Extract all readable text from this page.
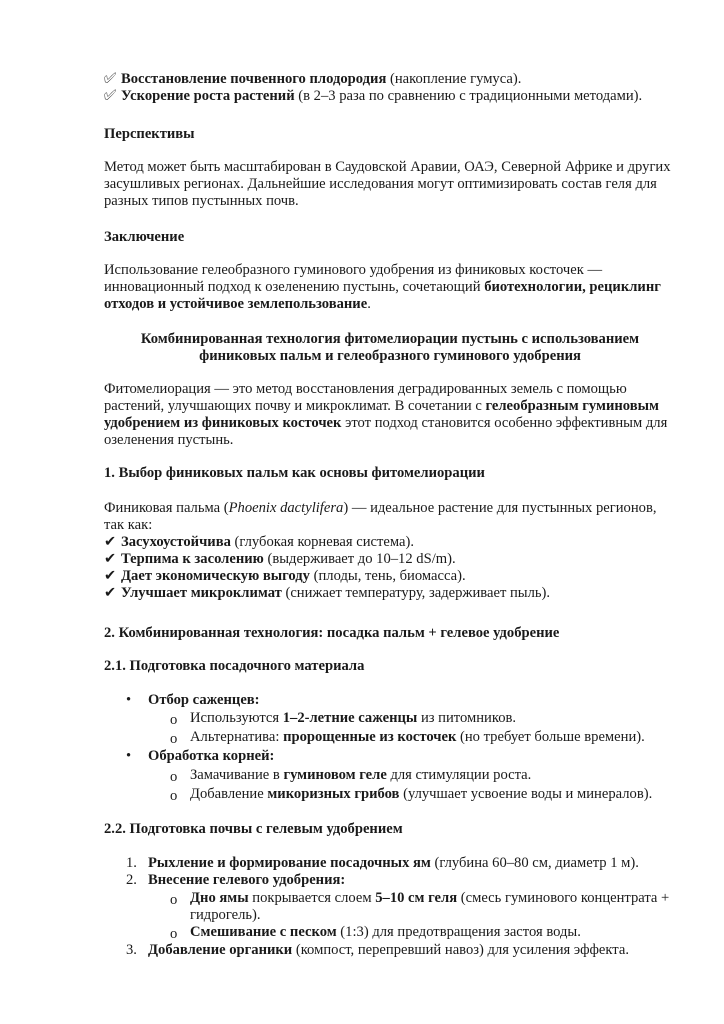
✅︎ Восстановление почвенного плодородия (накопление гумуса).
✅︎ Ускорение роста растений (в 2–3 раза по сравнению с традиционными методами).

Перспективы

Метод может быть масштабирован в Саудовской Аравии, ОАЭ, Северной Африке и других засушливых регионах. Дальнейшие исследования могут оптимизировать состав геля для разных типов пустынных почв.

Заключение

Использование гелеобразного гуминового удобрения из финиковых косточек — инновационный подход к озеленению пустынь, сочетающий биотехнологии, рециклинг отходов и устойчивое землепользование.

Комбинированная технология фитомелиорации пустынь с использованием
финиковых пальм и гелеобразного гуминового удобрения

Фитомелиорация — это метод восстановления деградированных земель с помощью растений, улучшающих почву и микроклимат. В сочетании с гелеобразным гуминовым удобрением из финиковых косточек этот подход становится особенно эффективным для озеленения пустынь.

1. Выбор финиковых пальм как основы фитомелиорации

Финиковая пальма (Phoenix dactylifera) — идеальное растение для пустынных регионов, так как:

✔︎ Засухоустойчива (глубокая корневая система).
✔︎ Терпима к засолению (выдерживает до 10–12 dS/m).
✔︎ Дает экономическую выгоду (плоды, тень, биомасса).
✔︎ Улучшает микроклимат (снижает температуру, задерживает пыль).

2. Комбинированная технология: посадка пальм + гелевое удобрение

2.1. Подготовка посадочного материала

• Отбор саженцев:
o Используются 1–2-летние саженцы из питомников.
o Альтернатива: пророщенные из косточек (но требует больше времени).
• Обработка корней:
o Замачивание в гуминовом геле для стимуляции роста.
o Добавление микоризных грибов (улучшает усвоение воды и минералов).

2.2. Подготовка почвы с гелевым удобрением

1. Рыхление и формирование посадочных ям (глубина 60–80 см, диаметр 1 м).
2. Внесение гелевого удобрения:
o Дно ямы покрывается слоем 5–10 см геля (смесь гуминового концентрата + гидрогель).
o Смешивание с песком (1:3) для предотвращения застоя воды.
3. Добавление органики (компост, перепревший навоз) для усиления эффекта.
